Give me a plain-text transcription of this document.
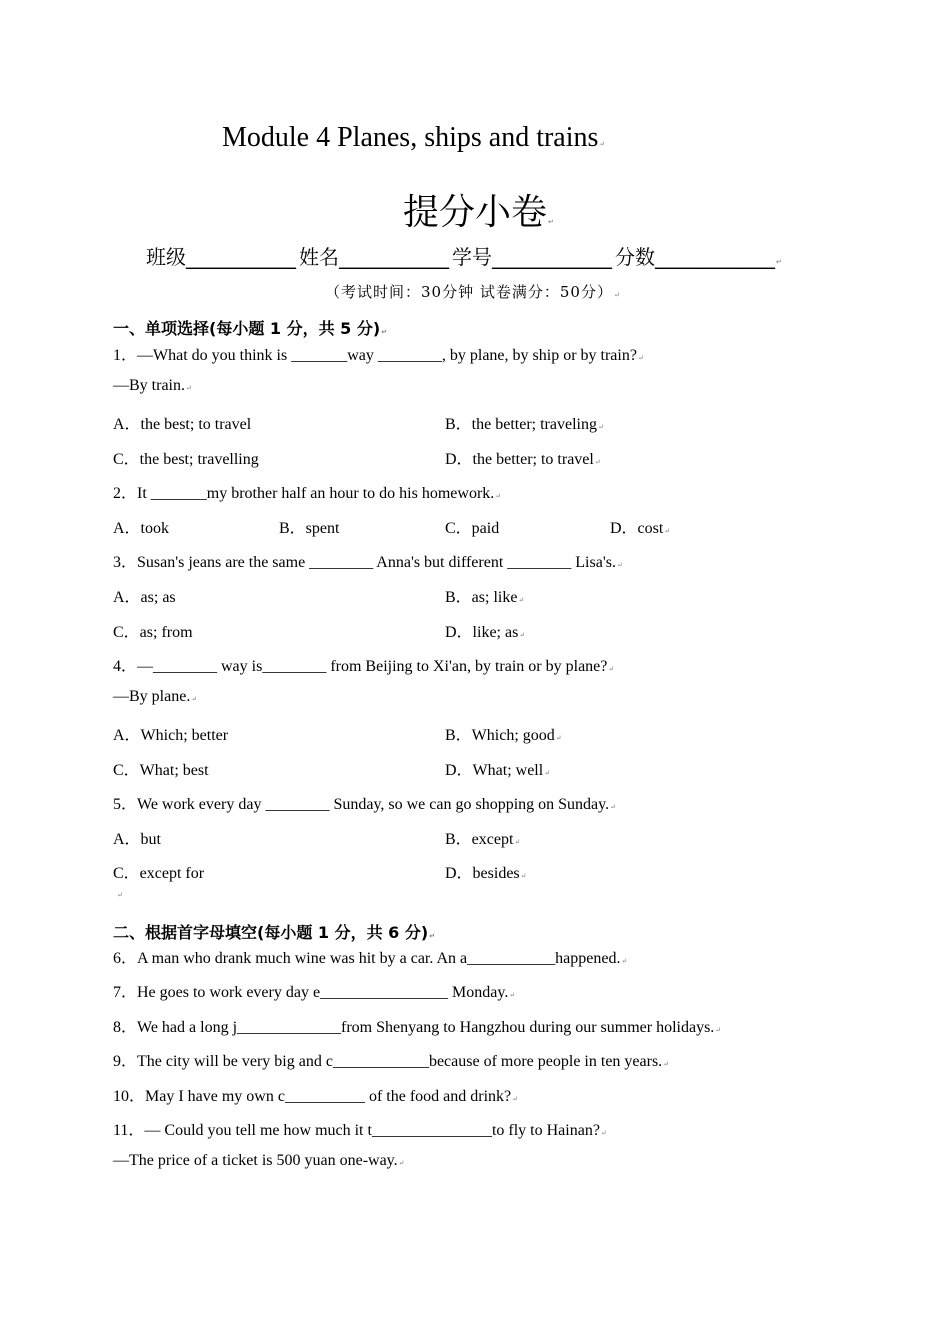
Module 4 Planes, ships and trains↵
提分小卷↵
班级___________ 姓名___________ 学号____________ 分数____________↵
（考试时间：30分钟 试卷满分：50分）↵
一、单项选择(每小题 1 分，共 5 分)↵
1．—What do you think is _______way ________, by plane, by ship or by train?↵
—By train.↵
A．the best; to travel	B．the better; traveling↵
C．the best; travelling	D．the better; to travel↵
2．It _______my brother half an hour to do his homework.↵
A．took	B．spent	C．paid	D．cost↵
3．Susan's jeans are the same ________ Anna's but different ________ Lisa's.↵
A．as; as	B．as; like↵
C．as; from	D．like; as↵
4．—________ way is________ from Beijing to Xi'an, by train or by plane?↵
—By plane.↵
A．Which; better	B．Which; good↵
C．What; best	D．What; well↵
5．We work every day ________ Sunday, so we can go shopping on Sunday.↵
A．but	B．except↵
C．except for	D．besides↵
↵
二、根据首字母填空(每小题 1 分，共 6 分)↵
6．A man who drank much wine was hit by a car. An a___________happened.↵
7．He goes to work every day e________________ Monday.↵
8．We had a long j_____________from Shenyang to Hangzhou during our summer holidays.↵
9．The city will be very big and c____________because of more people in ten years.↵
10．May I have my own c__________ of the food and drink?↵
11．— Could you tell me how much it t_______________to fly to Hainan?↵
—The price of a ticket is 500 yuan one-way.↵
